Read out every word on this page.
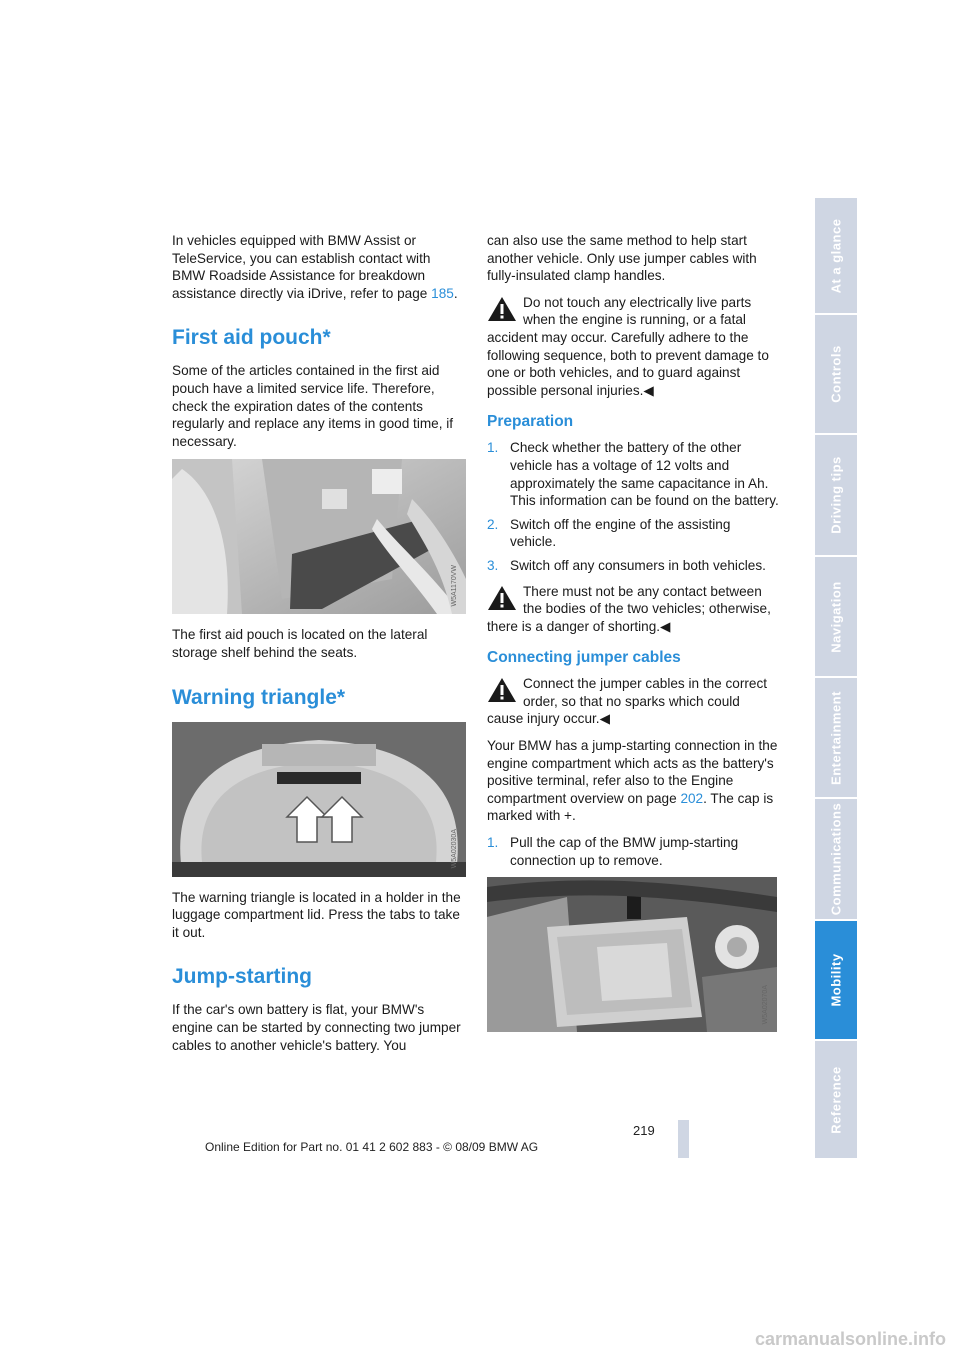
In vehicles equipped with BMW Assist or TeleService, you can establish contact with BMW Roadside Assistance for breakdown assistance directly via iDrive, refer to page 185.

First aid pouch*

Some of the articles contained in the first aid pouch have a limited service life. Therefore, check the expiration dates of the contents regularly and replace any items in good time, if necessary.

W5A1170VW

The first aid pouch is located on the lateral storage shelf behind the seats.

Warning triangle*
W5A02030A

The warning triangle is located in a holder in the luggage compartment lid. Press the tabs to take it out.

Jump-starting

If the car's own battery is flat, your BMW's engine can be started by connecting two jumper cables to another vehicle's battery. You

can also use the same method to help start another vehicle. Only use jumper cables with fully-insulated clamp handles.

Do not touch any electrically live parts when the engine is running, or a fatal accident may occur. Carefully adhere to the following sequence, both to prevent damage to one or both vehicles, and to guard against possible personal injuries.◀
Preparation
1. Check whether the battery of the other vehicle has a voltage of 12 volts and approximately the same capacitance in Ah. This information can be found on the battery.
2. Switch off the engine of the assisting vehicle.
3. Switch off any consumers in both vehicles.
There must not be any contact between the bodies of the two vehicles; otherwise, there is a danger of shorting.◀
Connecting jumper cables
Connect the jumper cables in the correct order, so that no sparks which could cause injury occur.◀

Your BMW has a jump-starting connection in the engine compartment which acts as the battery's positive terminal, refer also to the Engine compartment overview on page 202. The cap is marked with +.

1. Pull the cap of the BMW jump-starting connection up to remove.
W5A02070A
At a glance
Controls
Driving tips
Navigation
Entertainment
Communications
Mobility
Reference
219
Online Edition for Part no. 01 41 2 602 883 - © 08/09 BMW AG
carmanualsonline.info
